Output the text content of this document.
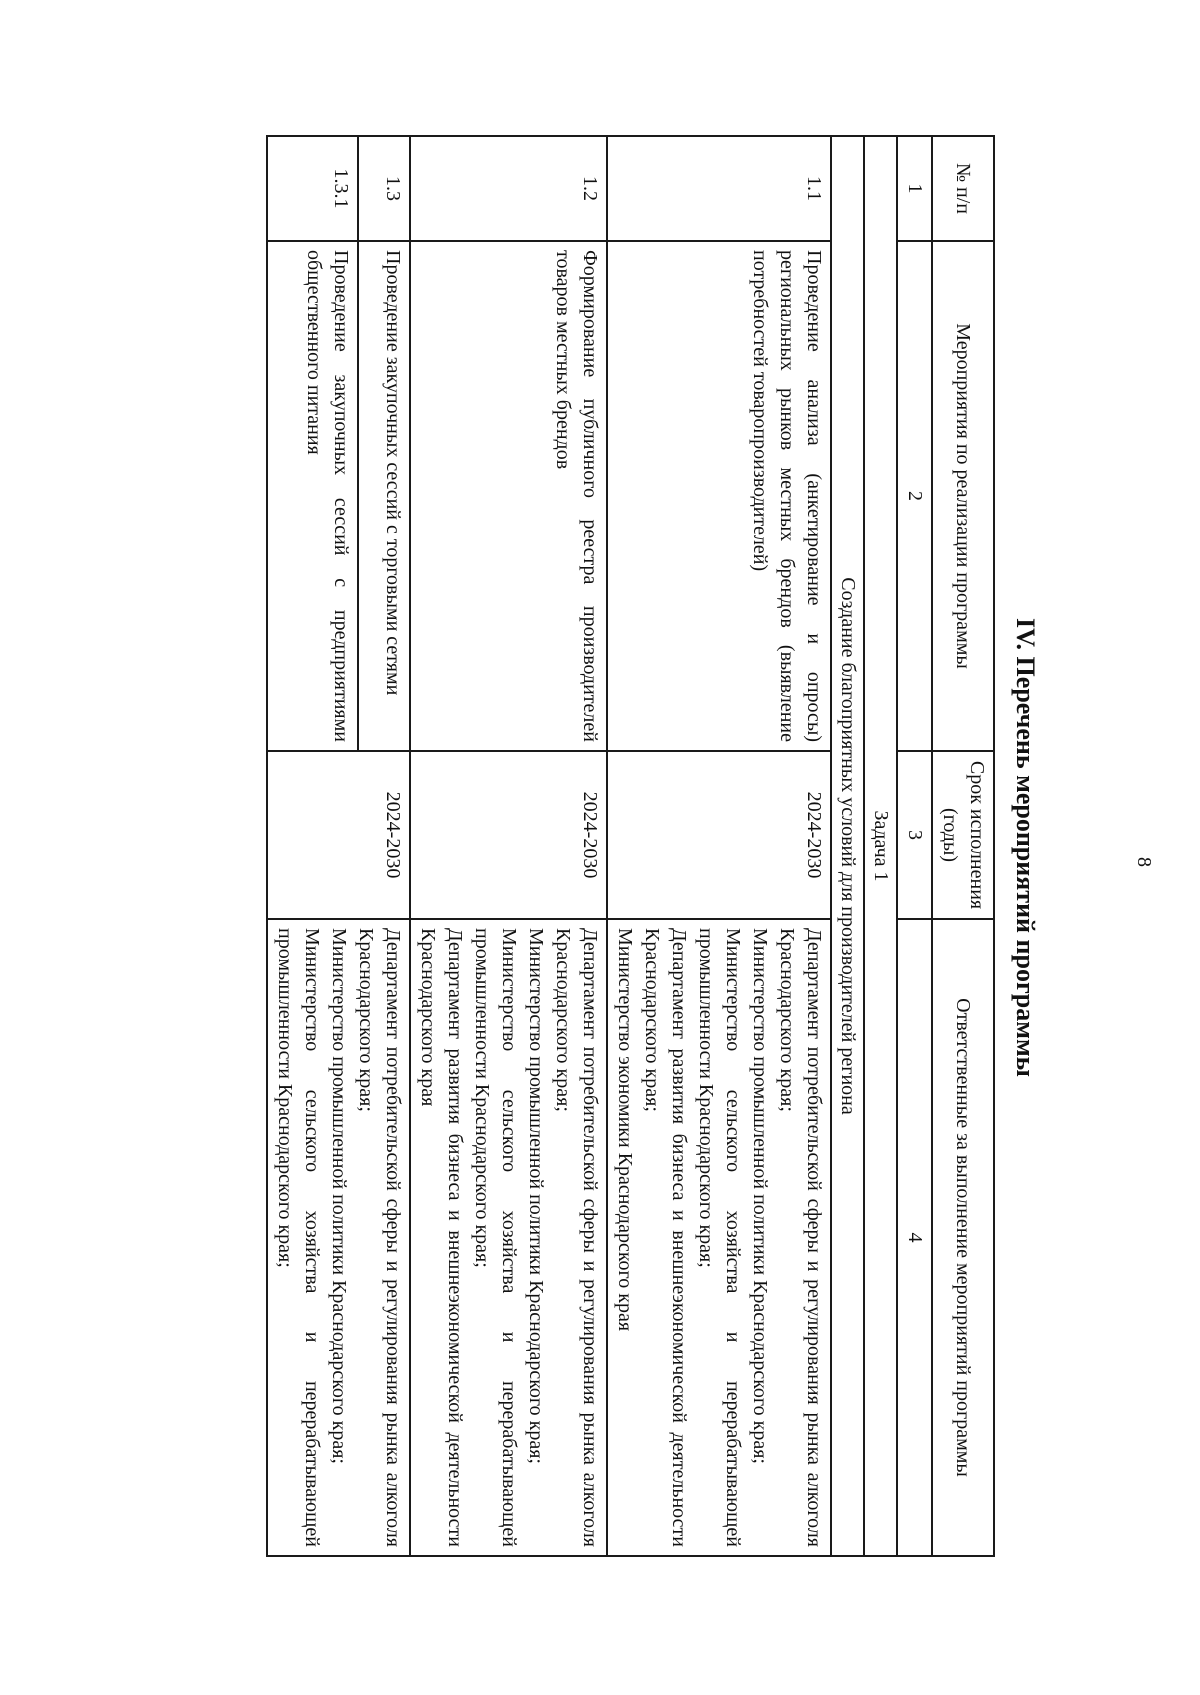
8
IV. Перечень мероприятий программы
№ п/п	Мероприятия по реализации программы	Срок исполнения (годы)	Ответственные за выполнение мероприятий программы
1	2	3	4
Задача 1			
Создание благоприятных условий для производителей региона			
1.1	Проведение анализа (анкетирование и опросы) региональных рынков местных брендов (выявление потребностей товаропроизводителей)	2024-2030	Департамент потребительской сферы и регулирования рынка алкоголя Краснодарского края;
Министерство промышленной политики Краснодарского края;
Министерство сельского хозяйства и перерабатывающей промышленности Краснодарского края;
Департамент развития бизнеса и внешнеэкономической деятельности Краснодарского края;
Министерство экономики Краснодарского края

1.2	Формирование публичного реестра производителей товаров местных брендов	2024-2030	Департамент потребительской сферы и регулирования рынка алкоголя Краснодарского края;
Министерство промышленной политики Краснодарского края;
Министерство сельского хозяйства и перерабатывающей промышленности Краснодарского края;
Департамент развития бизнеса и внешнеэкономической деятельности Краснодарского края

1.3	Проведение закупочных сессий с торговыми сетями	2024-2030	Департамент потребительской сферы и регулирования рынка алкоголя Краснодарского края;
Министерство промышленной политики Краснодарского края;
Министерство сельского хозяйства и перерабатывающей промышленности Краснодарского края;

1.3.1	Проведение закупочных сессий с предприятиями общественного питания		
